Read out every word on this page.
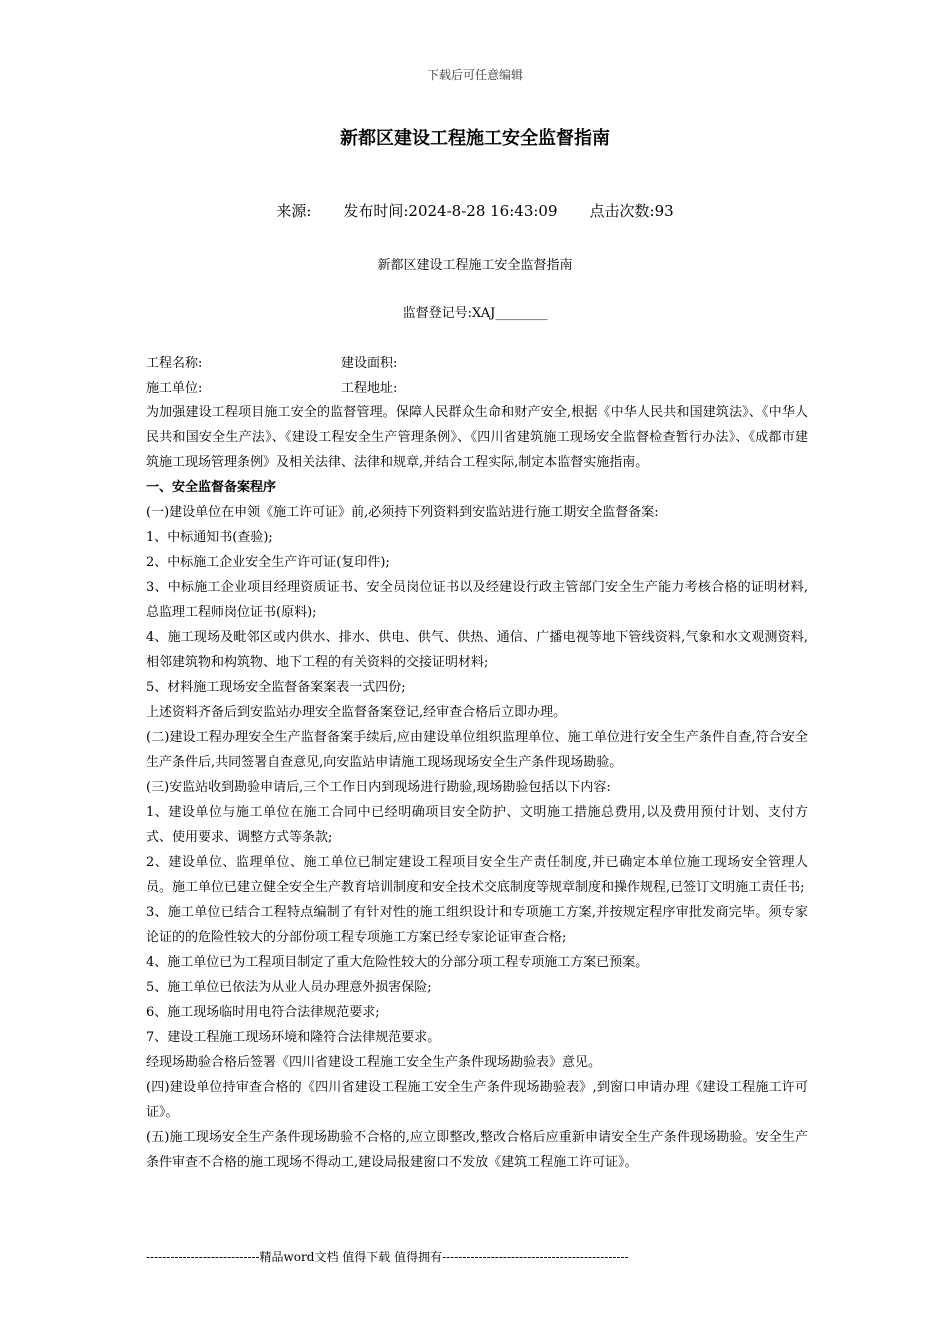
下载后可任意编辑
新都区建设工程施工安全监督指南
来源: 发布时间:2024-8-28 16:43:09 点击次数:93
新都区建设工程施工安全监督指南
监督登记号:XAJ________
工程名称:	建设面积:
施工单位:	工程地址:

为加强建设工程项目施工安全的监督管理。保障人民群众生命和财产安全,根据《中华人民共和国建筑法》、《中华人民共和国安全生产法》、《建设工程安全生产管理条例》、《四川省建筑施工现场安全监督检查暂行办法》、《成都市建筑施工现场管理条例》及相关法律、法律和规章,并结合工程实际,制定本监督实施指南。

一、安全监督备案程序

(一)建设单位在申领《施工许可证》前,必须持下列资料到安监站进行施工期安全监督备案:

1、中标通知书(查验);

2、中标施工企业安全生产许可证(复印件);

3、中标施工企业项目经理资质证书、安全员岗位证书以及经建设行政主管部门安全生产能力考核合格的证明材料,总监理工程师岗位证书(原料);

4、施工现场及毗邻区或内供水、排水、供电、供气、供热、通信、广播电视等地下管线资料,气象和水文观测资料,相邻建筑物和构筑物、地下工程的有关资料的交接证明材料;

5、材料施工现场安全监督备案案表一式四份;

上述资料齐备后到安监站办理安全监督备案登记,经审查合格后立即办理。

(二)建设工程办理安全生产监督备案手续后,应由建设单位组织监理单位、施工单位进行安全生产条件自查,符合安全生产条件后,共同签署自查意见,向安监站申请施工现场现场安全生产条件现场勘验。

(三)安监站收到勘验申请后,三个工作日内到现场进行勘验,现场勘验包括以下内容:

1、建设单位与施工单位在施工合同中已经明确项目安全防护、文明施工措施总费用,以及费用预付计划、支付方式、使用要求、调整方式等条款;

2、建设单位、监理单位、施工单位已制定建设工程项目安全生产责任制度,并已确定本单位施工现场安全管理人员。施工单位已建立健全安全生产教育培训制度和安全技术交底制度等规章制度和操作规程,已签订文明施工责任书;

3、施工单位已结合工程特点编制了有针对性的施工组织设计和专项施工方案,并按规定程序审批发商完毕。须专家论证的的危险性较大的分部份项工程专项施工方案已经专家论证审查合格;

4、施工单位已为工程项目制定了重大危险性较大的分部分项工程专项施工方案已预案。

5、施工单位已依法为从业人员办理意外损害保险;

6、施工现场临时用电符合法律规范要求;

7、建设工程施工现场环境和隆符合法律规范要求。

经现场勘验合格后签署《四川省建设工程施工安全生产条件现场勘验表》意见。

(四)建设单位持审查合格的《四川省建设工程施工安全生产条件现场勘验表》,到窗口申请办理《建设工程施工许可证》。

(五)施工现场安全生产条件现场勘验不合格的,应立即整改,整改合格后应重新申请安全生产条件现场勘验。安全生产条件审查不合格的施工现场不得动工,建设局报建窗口不发放《建筑工程施工许可证》。

----------------------------精品word文档 值得下载 值得拥有----------------------------------------------
